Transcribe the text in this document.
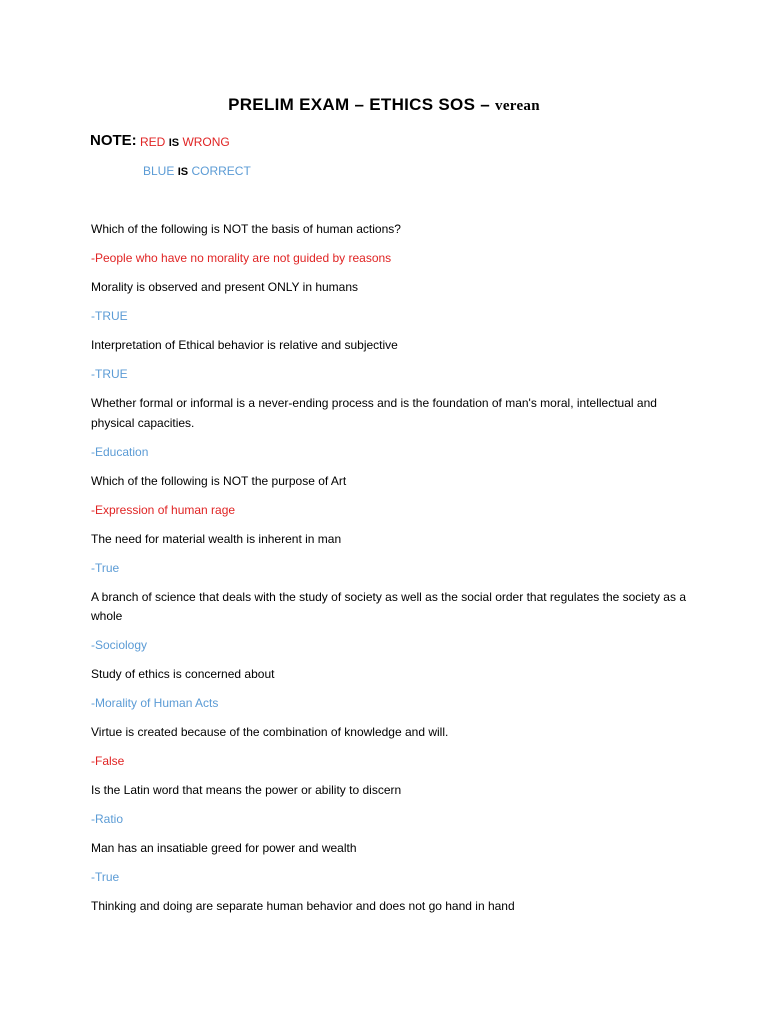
PRELIM EXAM – ETHICS SOS – verean
NOTE: RED IS WRONG
BLUE IS CORRECT
Which of the following is NOT the basis of human actions?
-People who have no morality are not guided by reasons
Morality is observed and present ONLY in humans
-TRUE
Interpretation of Ethical behavior is relative and subjective
-TRUE
Whether formal or informal is a never-ending process and is the foundation of man's moral, intellectual and physical capacities.
-Education
Which of the following is NOT the purpose of Art
-Expression of human rage
The need for material wealth is inherent in man
-True
A branch of science that deals with the study of society as well as the social order that regulates the society as a whole
-Sociology
Study of ethics is concerned about
-Morality of Human Acts
Virtue is created because of the combination of knowledge and will.
-False
Is the Latin word that means the power or ability to discern
-Ratio
Man has an insatiable greed for power and wealth
-True
Thinking and doing are separate human behavior and does not go hand in hand
